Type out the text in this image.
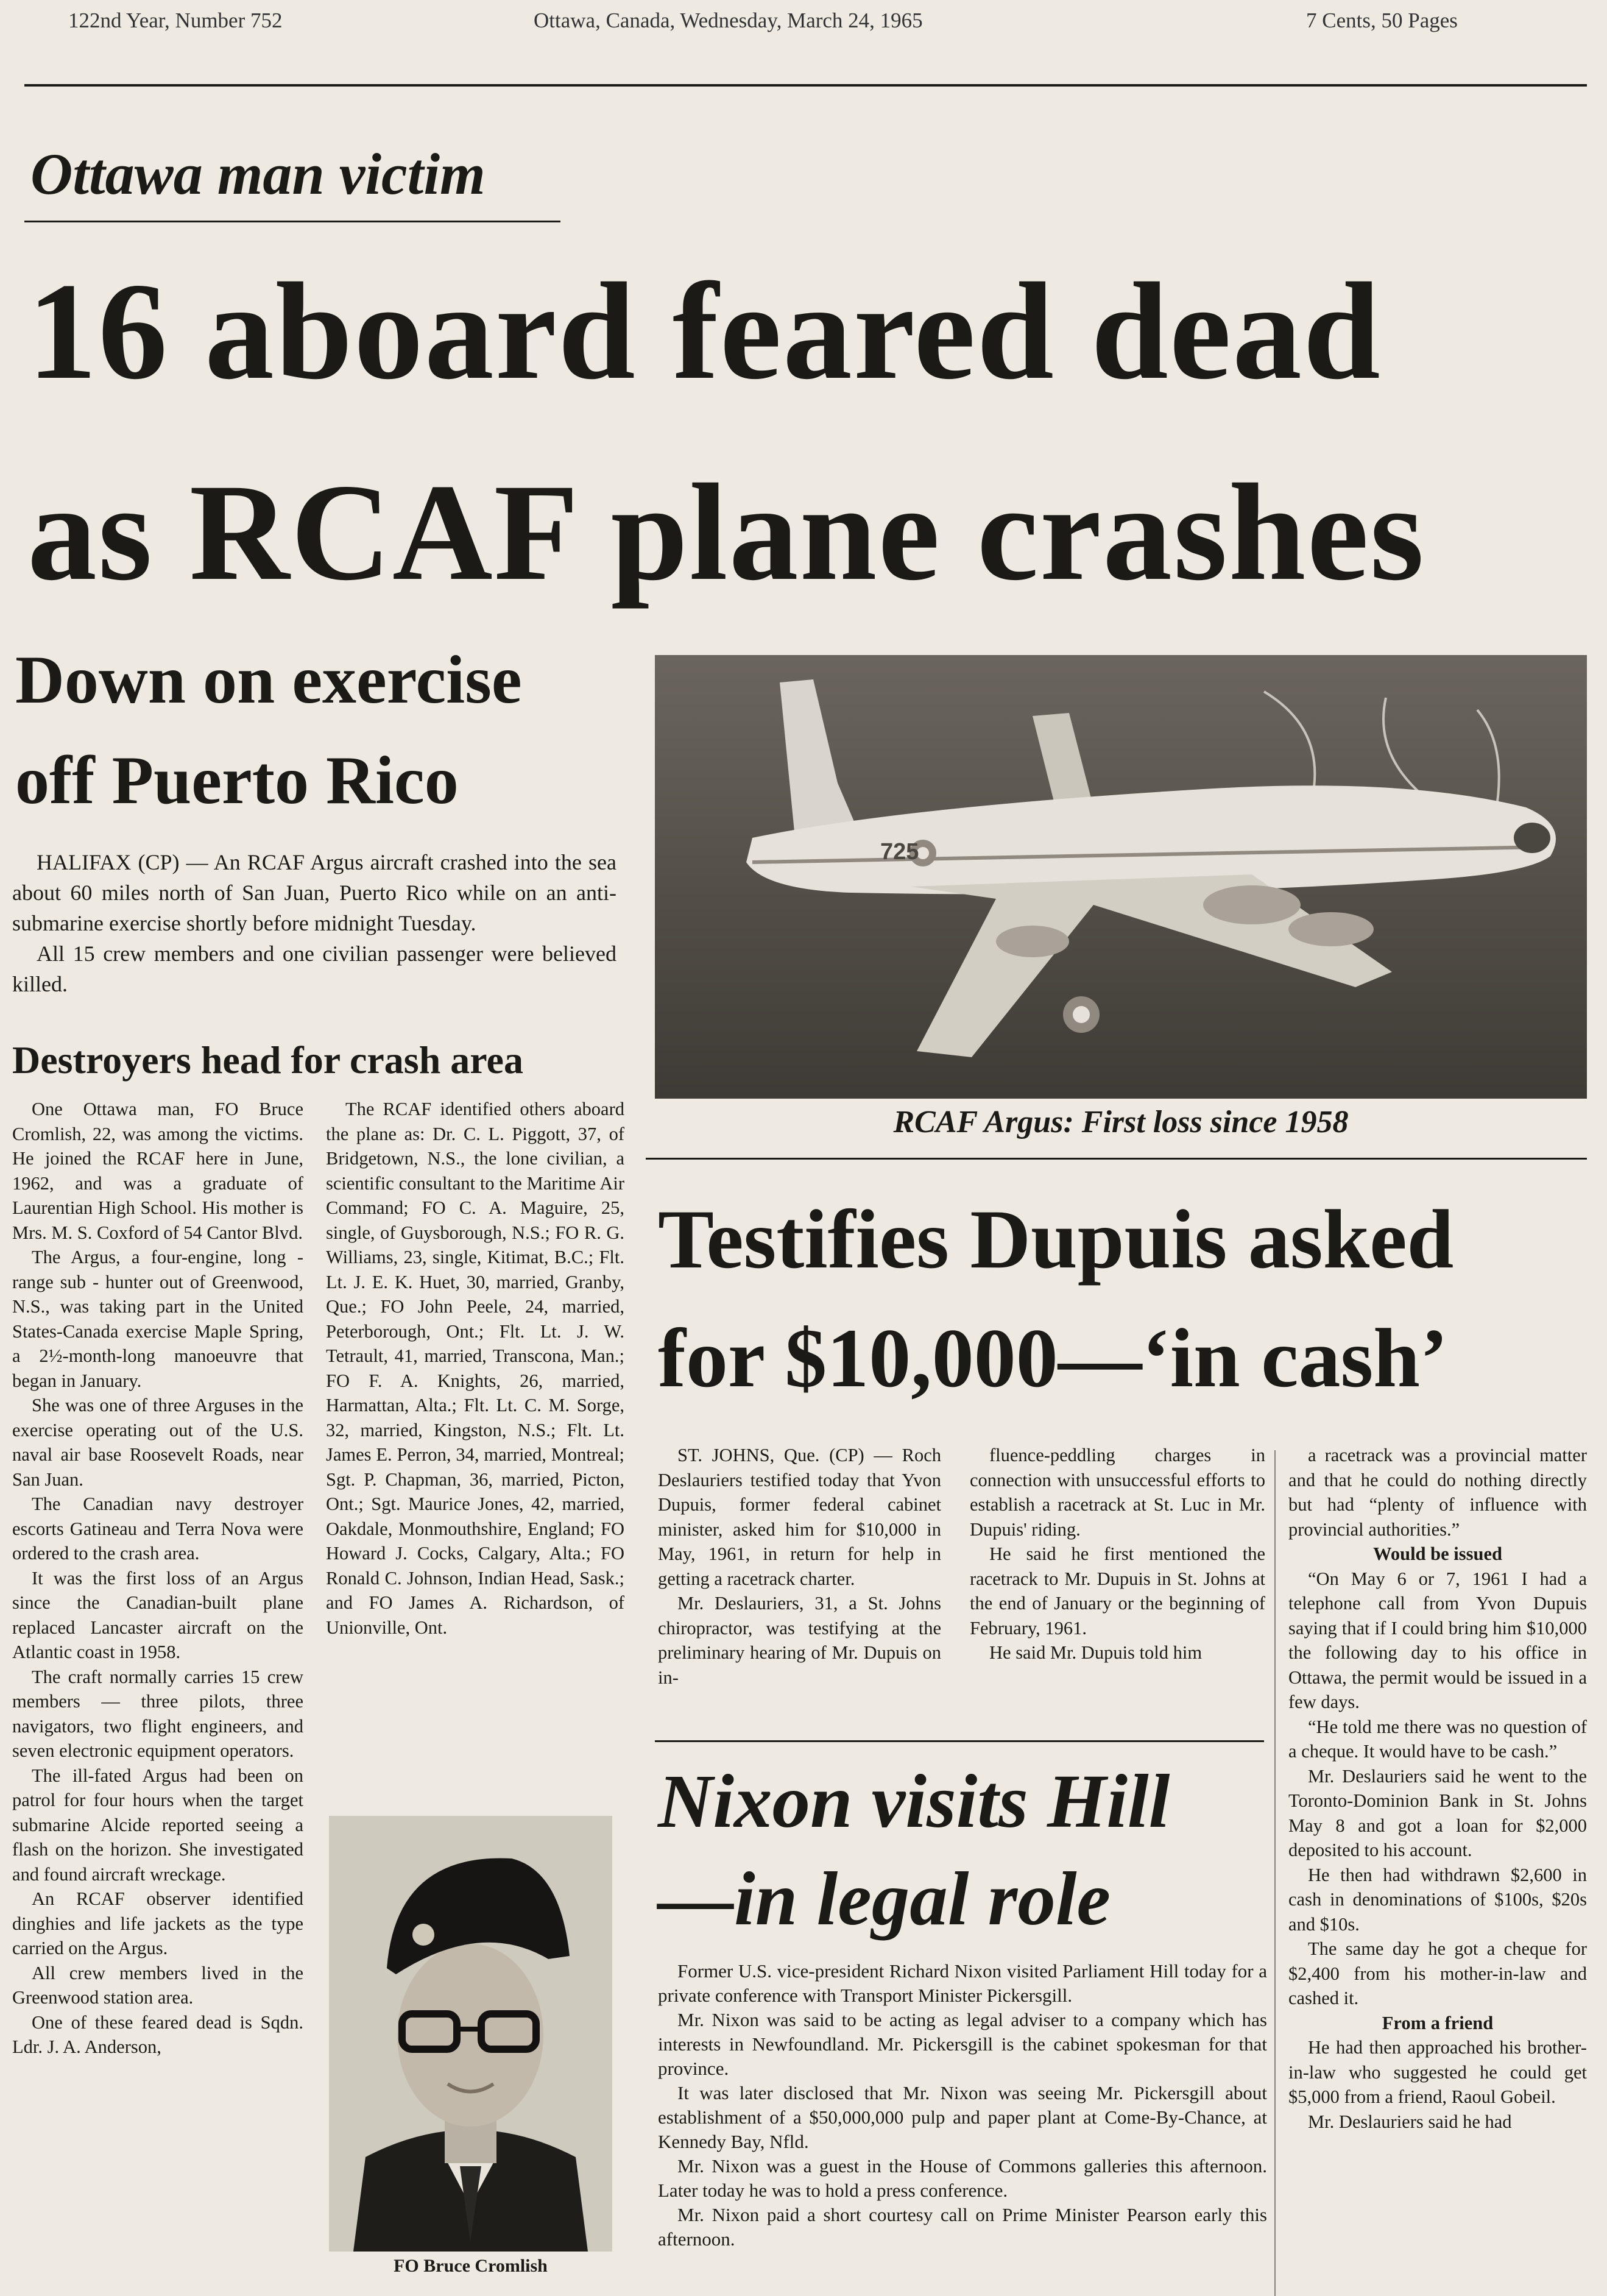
122nd Year, Number 752	Ottawa, Canada, Wednesday, March 24, 1965	7 Cents, 50 Pages
Ottawa man victim
16 aboard feared dead
as RCAF plane crashes
Down on exercise
off Puerto Rico

HALIFAX (CP) — An RCAF Argus aircraft crashed into the sea about 60 miles north of San Juan, Puerto Rico while on an anti-submarine exercise shortly before midnight Tuesday.

All 15 crew members and one civilian passenger were believed killed.

Destroyers head for crash area

One Ottawa man, FO Bruce Cromlish, 22, was among the victims. He joined the RCAF here in June, 1962, and was a graduate of Laurentian High School. His mother is Mrs. M. S. Coxford of 54 Cantor Blvd.

The Argus, a four-engine, long - range sub - hunter out of Greenwood, N.S., was taking part in the United States-Canada exercise Maple Spring, a 2½-month-long manoeuvre that began in January.

She was one of three Arguses in the exercise operating out of the U.S. naval air base Roosevelt Roads, near San Juan.

The Canadian navy destroyer escorts Gatineau and Terra Nova were ordered to the crash area.

It was the first loss of an Argus since the Canadian-built plane replaced Lancaster aircraft on the Atlantic coast in 1958.

The craft normally carries 15 crew members — three pilots, three navigators, two flight engineers, and seven electronic equipment operators.

The ill-fated Argus had been on patrol for four hours when the target submarine Alcide reported seeing a flash on the horizon. She investigated and found aircraft wreckage.

An RCAF observer identified dinghies and life jackets as the type carried on the Argus.

All crew members lived in the Greenwood station area.

One of these feared dead is Sqdn. Ldr. J. A. Anderson,

The RCAF identified others aboard the plane as: Dr. C. L. Piggott, 37, of Bridgetown, N.S., the lone civilian, a scientific consultant to the Maritime Air Command; FO C. A. Maguire, 25, single, of Guysborough, N.S.; FO R. G. Williams, 23, single, Kitimat, B.C.; Flt. Lt. J. E. K. Huet, 30, married, Granby, Que.; FO John Peele, 24, married, Peterborough, Ont.; Flt. Lt. J. W. Tetrault, 41, married, Transcona, Man.; FO F. A. Knights, 26, married, Harmattan, Alta.; Flt. Lt. C. M. Sorge, 32, married, Kingston, N.S.; Flt. Lt. James E. Perron, 34, married, Montreal; Sgt. P. Chapman, 36, married, Picton, Ont.; Sgt. Maurice Jones, 42, married, Oakdale, Monmouthshire, England; FO Howard J. Cocks, Calgary, Alta.; FO Ronald C. Johnson, Indian Head, Sask.; and FO James A. Richardson, of Unionville, Ont.

FO Bruce Cromlish
725
RCAF Argus: First loss since 1958
Testifies Dupuis asked
for $10,000—‘in cash’

ST. JOHNS, Que. (CP) — Roch Deslauriers testified today that Yvon Dupuis, former federal cabinet minister, asked him for $10,000 in May, 1961, in return for help in getting a racetrack charter.

Mr. Deslauriers, 31, a St. Johns chiropractor, was testifying at the preliminary hearing of Mr. Dupuis on in-

fluence-peddling charges in connection with unsuccessful efforts to establish a racetrack at St. Luc in Mr. Dupuis' riding.

He said he first mentioned the racetrack to Mr. Dupuis in St. Johns at the end of January or the beginning of February, 1961.

He said Mr. Dupuis told him

a racetrack was a provincial matter and that he could do nothing directly but had “plenty of influence with provincial authorities.”

Would be issued

“On May 6 or 7, 1961 I had a telephone call from Yvon Dupuis saying that if I could bring him $10,000 the following day to his office in Ottawa, the permit would be issued in a few days.

“He told me there was no question of a cheque. It would have to be cash.”

Mr. Deslauriers said he went to the Toronto-Dominion Bank in St. Johns May 8 and got a loan for $2,000 deposited to his account.

He then had withdrawn $2,600 in cash in denominations of $100s, $20s and $10s.

The same day he got a cheque for $2,400 from his mother-in-law and cashed it.

From a friend

He had then approached his brother-in-law who suggested he could get $5,000 from a friend, Raoul Gobeil.

Mr. Deslauriers said he had

Nixon visits Hill
—in legal role

Former U.S. vice-president Richard Nixon visited Parliament Hill today for a private conference with Transport Minister Pickersgill.

Mr. Nixon was said to be acting as legal adviser to a company which has interests in Newfoundland. Mr. Pickersgill is the cabinet spokesman for that province.

It was later disclosed that Mr. Nixon was seeing Mr. Pickersgill about establishment of a $50,000,000 pulp and paper plant at Come-By-Chance, at Kennedy Bay, Nfld.

Mr. Nixon was a guest in the House of Commons galleries this afternoon. Later today he was to hold a press conference.

Mr. Nixon paid a short courtesy call on Prime Minister Pearson early this afternoon.
